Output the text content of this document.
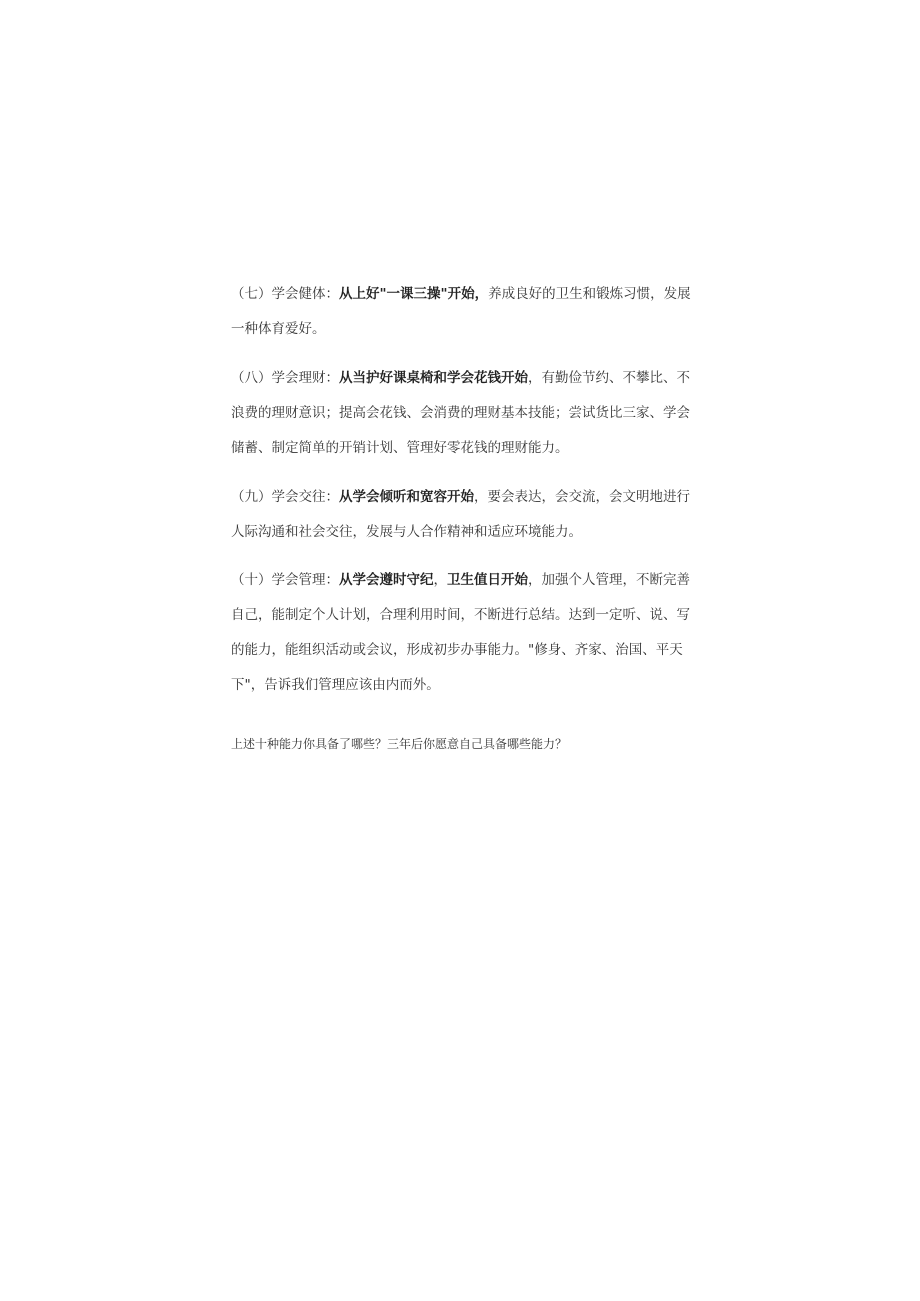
（七）学会健体：从上好"一课三操"开始，养成良好的卫生和锻炼习惯，发展一种体育爱好。

（八）学会理财：从当护好课桌椅和学会花钱开始，有勤俭节约、不攀比、不浪费的理财意识；提高会花钱、会消费的理财基本技能；尝试货比三家、学会储蓄、制定简单的开销计划、管理好零花钱的理财能力。

（九）学会交往：从学会倾听和宽容开始，要会表达，会交流，会文明地进行人际沟通和社会交往，发展与人合作精神和适应环境能力。

（十）学会管理：从学会遵时守纪，卫生值日开始，加强个人管理，不断完善自己，能制定个人计划，合理利用时间，不断进行总结。达到一定听、说、写的能力，能组织活动或会议，形成初步办事能力。"修身、齐家、治国、平天下"，告诉我们管理应该由内而外。

上述十种能力你具备了哪些？三年后你愿意自己具备哪些能力？
